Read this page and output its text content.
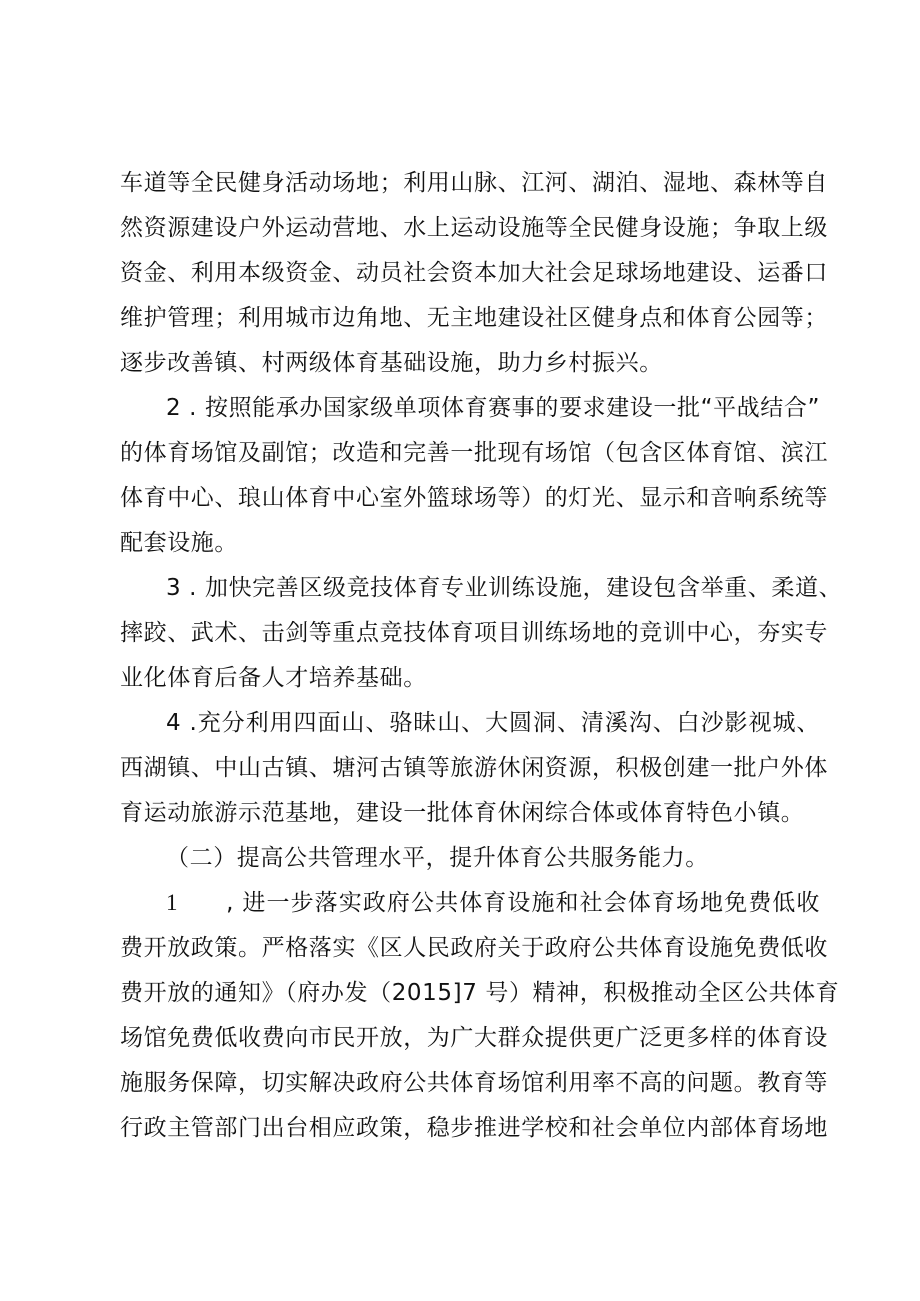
车道等全民健身活动场地；利用山脉、江河、湖泊、湿地、森林等自
然资源建设户外运动营地、水上运动设施等全民健身设施；争取上级
资金、利用本级资金、动员社会资本加大社会足球场地建设、运番口
维护管理；利用城市边角地、无主地建设社区健身点和体育公园等；
逐步改善镇、村两级体育基础设施，助力乡村振兴。
2 . 按照能承办国家级单项体育赛事的要求建设一批“平战结合”
的体育场馆及副馆；改造和完善一批现有场馆（包含区体育馆、滨江
体育中心、琅山体育中心室外篮球场等）的灯光、显示和音响系统等
配套设施。
3 . 加快完善区级竞技体育专业训练设施，建设包含举重、柔道、
摔跤、武术、击剑等重点竞技体育项目训练场地的竞训中心，夯实专
业化体育后备人才培养基础。
4 .充分利用四面山、骆昧山、大圆洞、清溪沟、白沙影视城、
西湖镇、中山古镇、塘河古镇等旅游休闲资源，积极创建一批户外体
育运动旅游示范基地，建设一批体育休闲综合体或体育特色小镇。
（二）提高公共管理水平，提升体育公共服务能力。
1 , 进一步落实政府公共体育设施和社会体育场地免费低收
费开放政策。严格落实《区人民政府关于政府公共体育设施免费低收
费开放的通知》（府办发（2015]7 号）精神，积极推动全区公共体育
场馆免费低收费向市民开放，为广大群众提供更广泛更多样的体育设
施服务保障，切实解决政府公共体育场馆利用率不高的问题。教育等
行政主管部门出台相应政策，稳步推进学校和社会单位内部体育场地
